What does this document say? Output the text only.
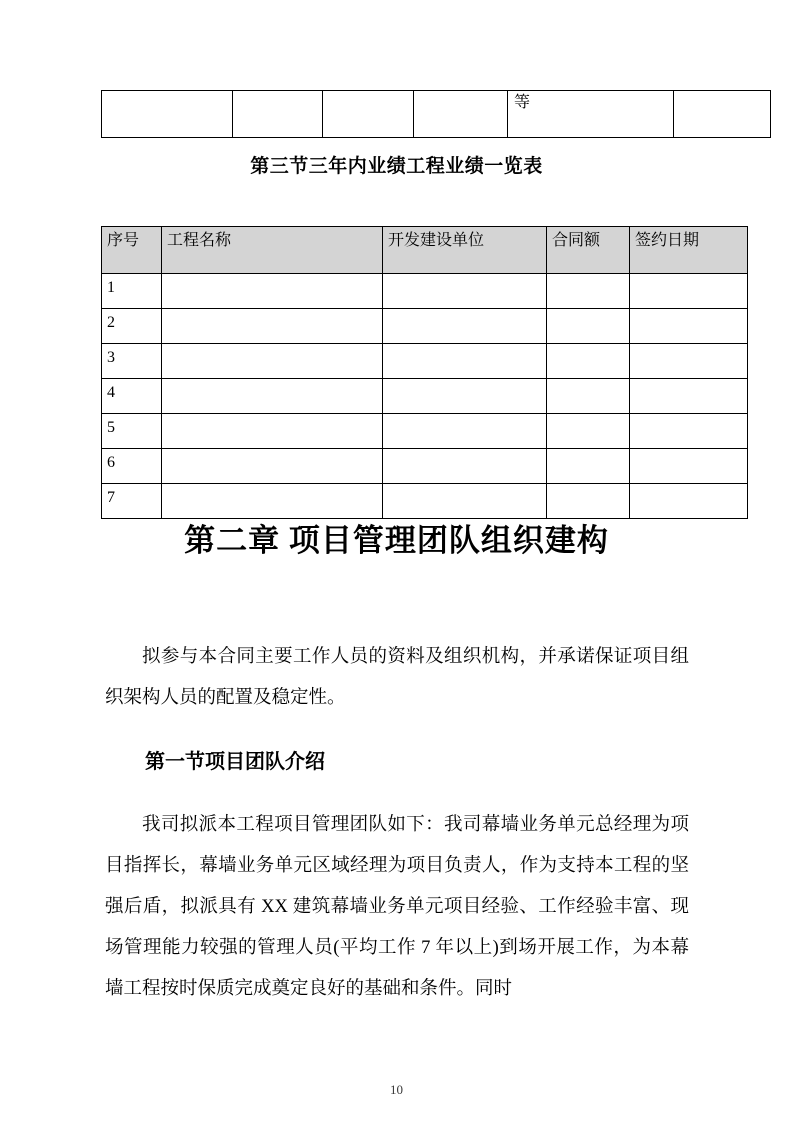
				等	
第三节三年内业绩工程业绩一览表
序号	工程名称	开发建设单位	合同额	签约日期
1				
2				
3				
4				
5				
6				
7				
第二章 项目管理团队组织建构
拟参与本合同主要工作人员的资料及组织机构，并承诺保证项目组织架构人员的配置及稳定性。
第一节项目团队介绍
我司拟派本工程项目管理团队如下：我司幕墙业务单元总经理为项目指挥长，幕墙业务单元区域经理为项目负责人，作为支持本工程的坚强后盾，拟派具有 XX 建筑幕墙业务单元项目经验、工作经验丰富、现场管理能力较强的管理人员(平均工作 7 年以上)到场开展工作，为本幕墙工程按时保质完成奠定良好的基础和条件。同时
10
